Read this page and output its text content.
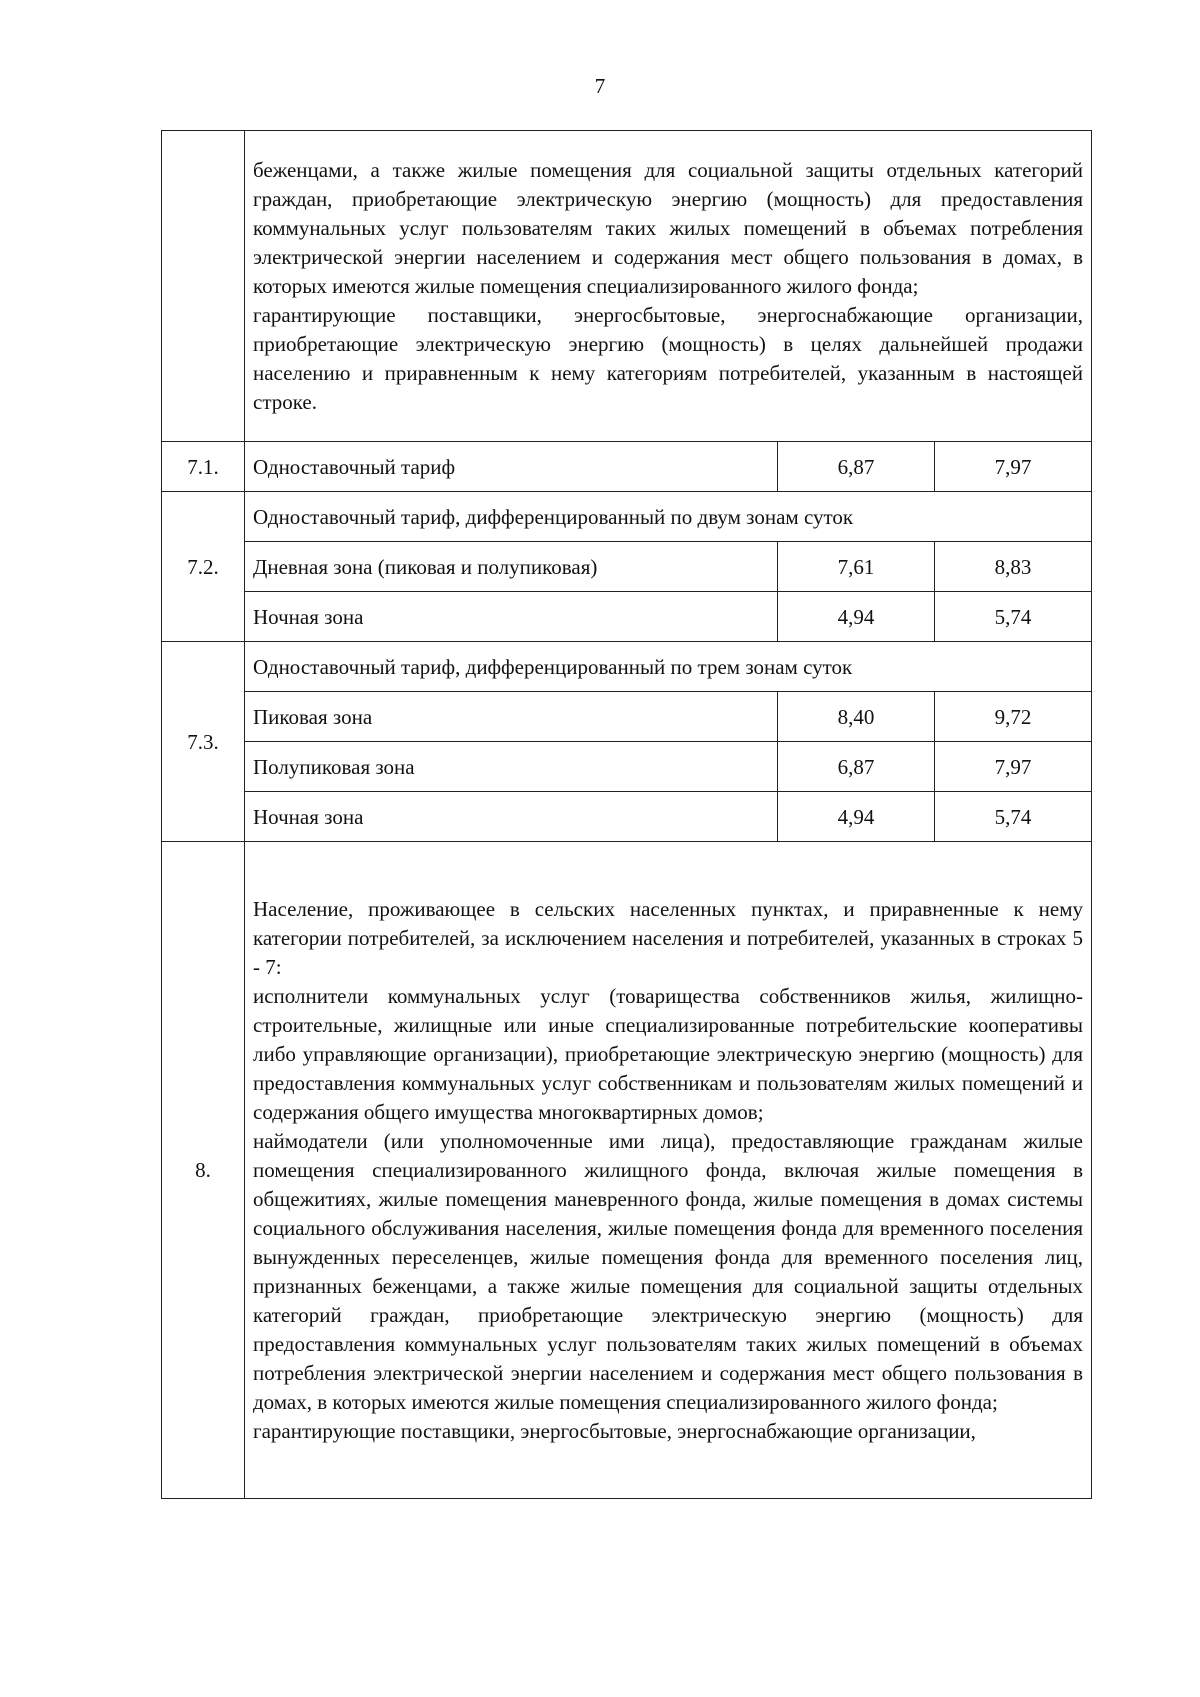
7

	беженцами, а также жилые помещения для социальной защиты отдельных категорий граждан, приобретающие электрическую энергию (мощность) для предоставления коммунальных услуг пользователям таких жилых помещений в объемах потребления электрической энергии населением и содержания мест общего пользования в домах, в которых имеются жилые помещения специализированного жилого фонда;

гарантирующие поставщики, энергосбытовые, энергоснабжающие организации, приобретающие электрическую энергию (мощность) в целях дальнейшей продажи населению и приравненным к нему категориям потребителей, указанным в настоящей строке.		

7.1.	Одноставочный тариф	6,87	7,97
7.2.	Одноставочный тариф, дифференцированный по двум зонам суток		
	Дневная зона (пиковая и полупиковая)	7,61	8,83
	Ночная зона	4,94	5,74
7.3.	Одноставочный тариф, дифференцированный по трем зонам суток		
	Пиковая зона	8,40	9,72
	Полупиковая зона	6,87	7,97
	Ночная зона	4,94	5,74
8.	Население, проживающее в сельских населенных пунктах, и приравненные к нему категории потребителей, за исключением населения и потребителей, указанных в строках 5 - 7:

исполнители коммунальных услуг (товарищества собственников жилья, жилищно-строительные, жилищные или иные специализированные потребительские кооперативы либо управляющие организации), приобретающие электрическую энергию (мощность) для предоставления коммунальных услуг собственникам и пользователям жилых помещений и содержания общего имущества многоквартирных домов;

наймодатели (или уполномоченные ими лица), предоставляющие гражданам жилые помещения специализированного жилищного фонда, включая жилые помещения в общежитиях, жилые помещения маневренного фонда, жилые помещения в домах системы социального обслуживания населения, жилые помещения фонда для временного поселения вынужденных переселенцев, жилые помещения фонда для временного поселения лиц, признанных беженцами, а также жилые помещения для социальной защиты отдельных категорий граждан, приобретающие электрическую энергию (мощность) для предоставления коммунальных услуг пользователям таких жилых помещений в объемах потребления электрической энергии населением и содержания мест общего пользования в домах, в которых имеются жилые помещения специализированного жилого фонда;

гарантирующие поставщики, энергосбытовые, энергоснабжающие организации,		
